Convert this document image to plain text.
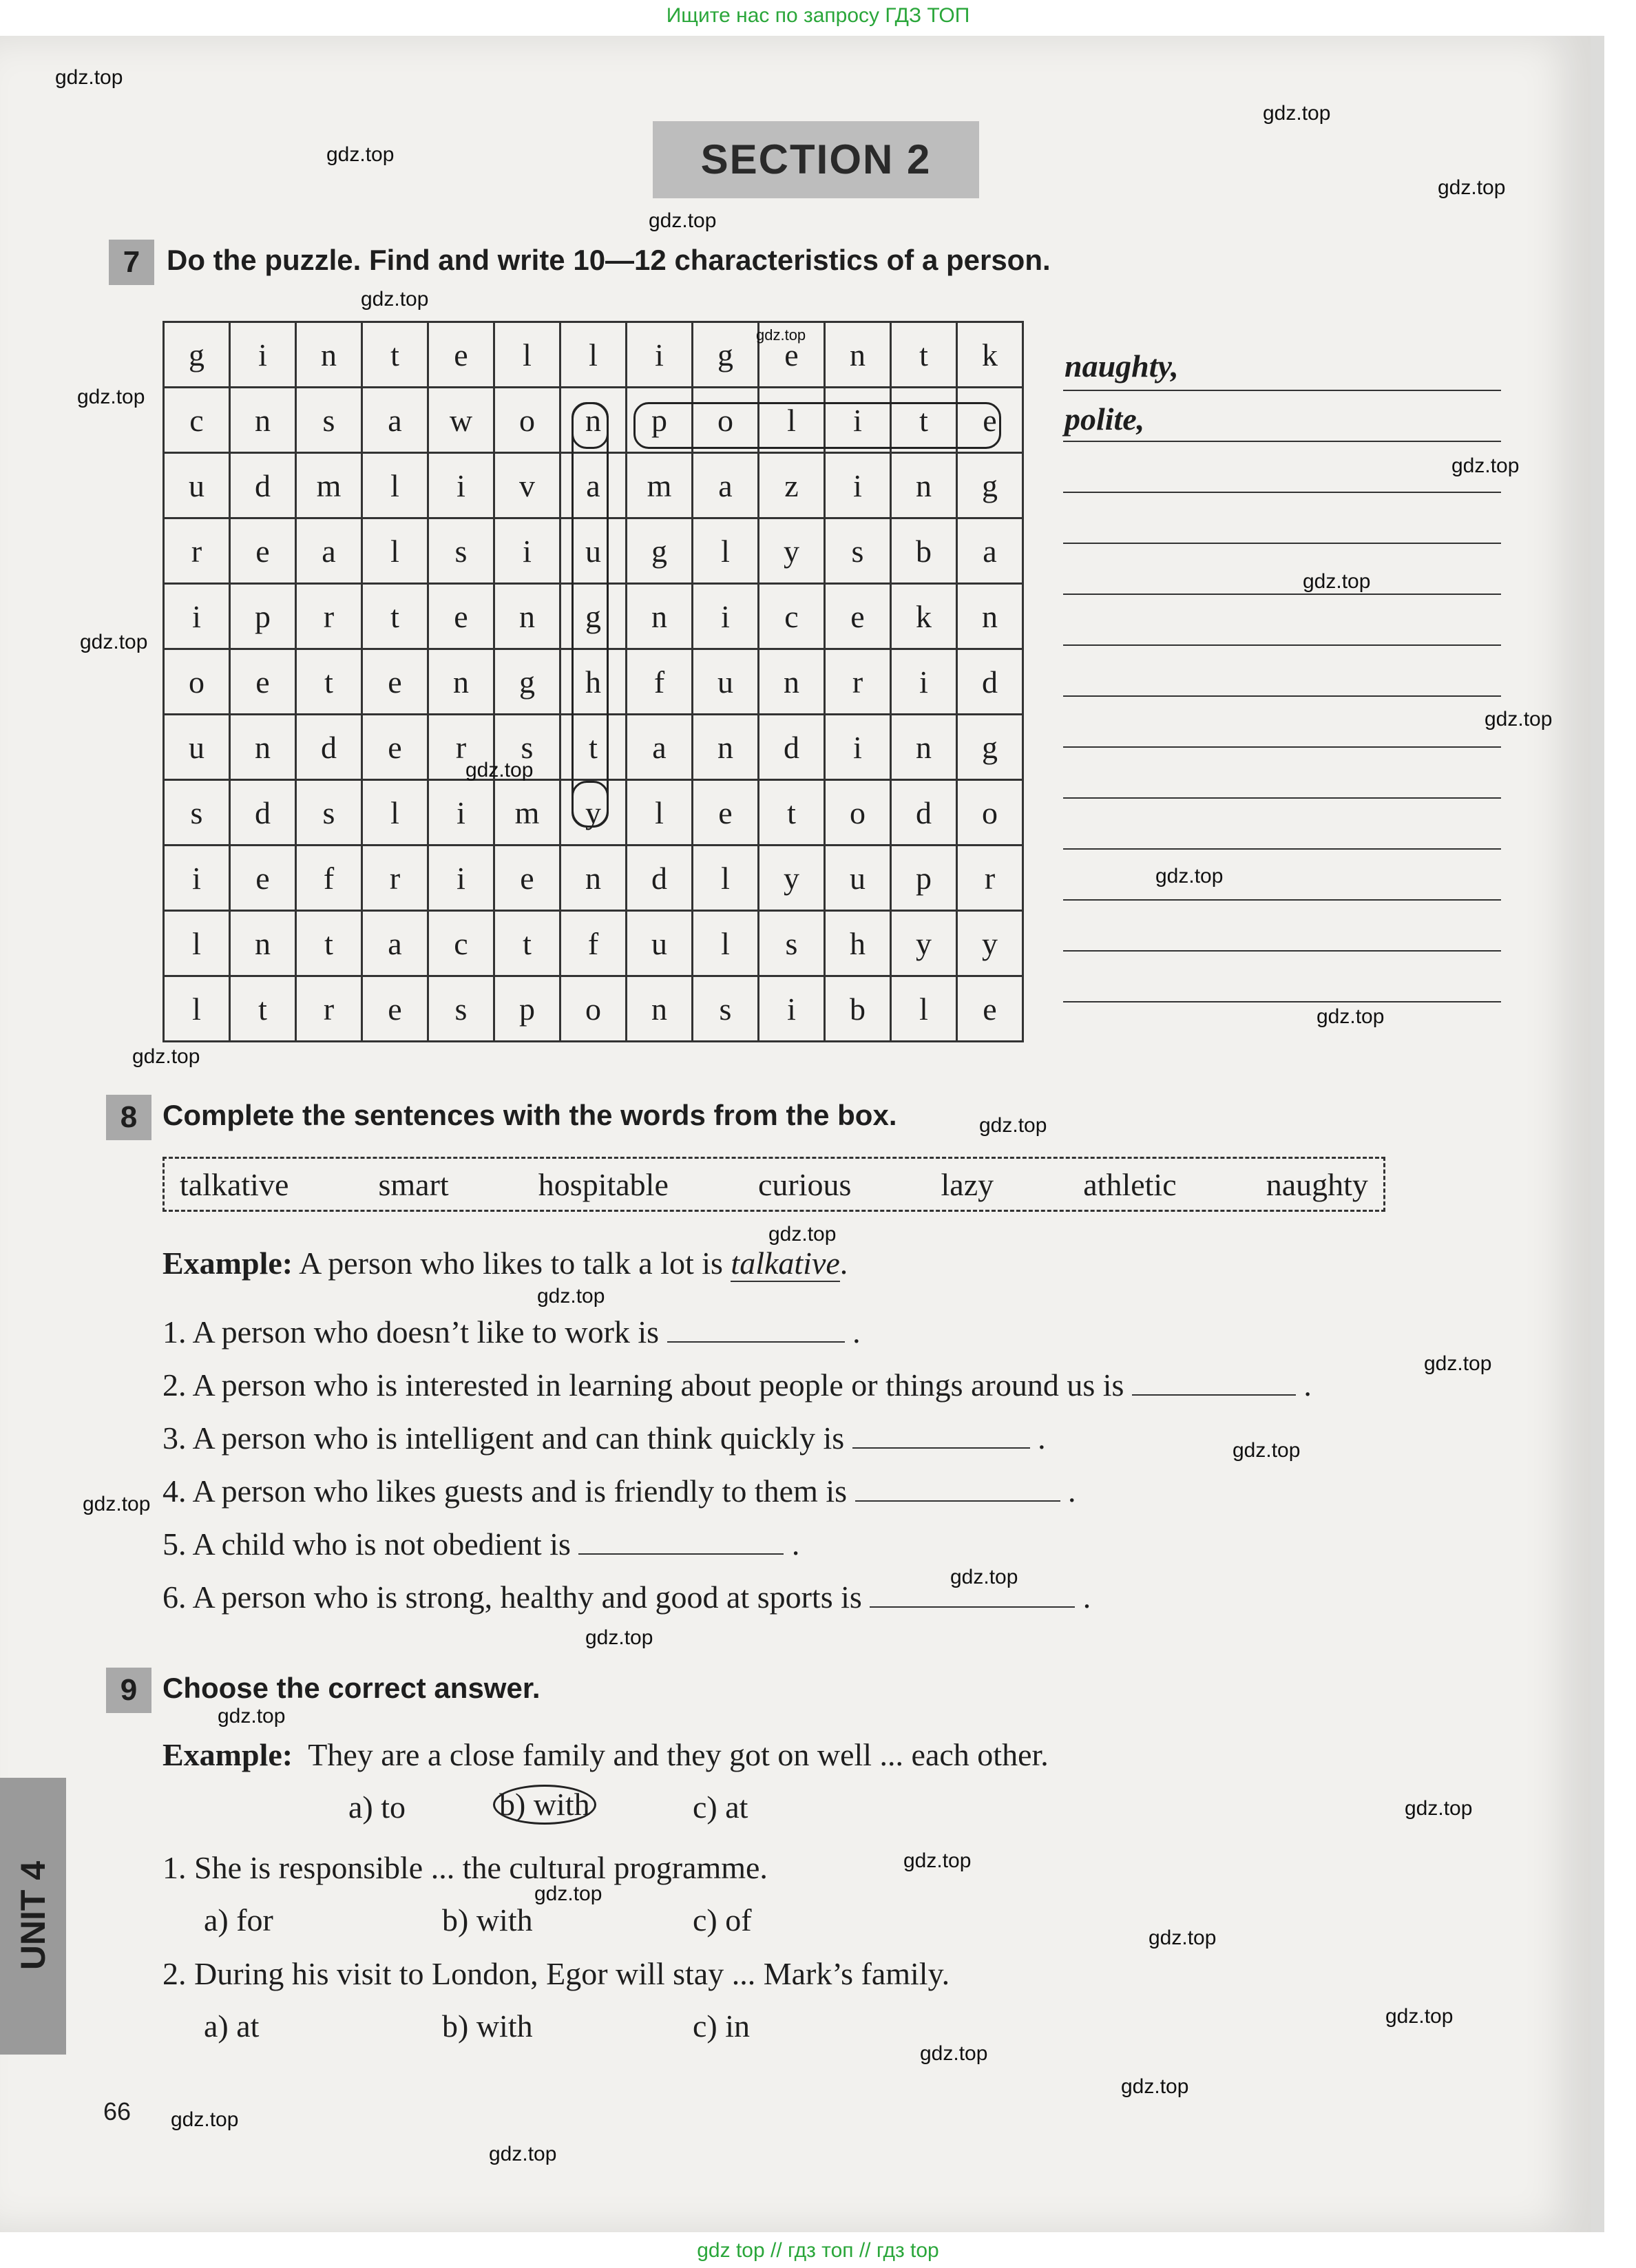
Ищите нас по запросу ГДЗ ТОП
SECTION 2
7 Do the puzzle. Find and write 10—12 characteristics of a person.
g	i	n	t	e	l	l	i	g	e	n	t	k
c	n	s	a	w	o	n	p	o	l	i	t	e
u	d	m	l	i	v	a	m	a	z	i	n	g
r	e	a	l	s	i	u	g	l	y	s	b	a
i	p	r	t	e	n	g	n	i	c	e	k	n
o	e	t	e	n	g	h	f	u	n	r	i	d
u	n	d	e	r	s	t	a	n	d	i	n	g
s	d	s	l	i	m	y	l	e	t	o	d	o
i	e	f	r	i	e	n	d	l	y	u	p	r
l	n	t	a	c	t	f	u	l	s	h	y	y
l	t	r	e	s	p	o	n	s	i	b	l	e
naughty,
polite,
8 Complete the sentences with the words from the box.
talkative	smart	hospitable	curious	lazy	athletic	naughty
Example: A person who likes to talk a lot is talkative.
1. A person who doesn’t like to work is	.
2. A person who is interested in learning about people or things around us is	.
3. A person who is intelligent and can think quickly is	.
4. A person who likes guests and is friendly to them is	.
5. A child who is not obedient is	.
6. A person who is strong, healthy and good at sports is	.
9 Choose the correct answer.
Example: They are a close family and they got on well ... each other.
a) to	b) with	c) at
1. She is responsible ... the cultural programme.
a) for	b) with	c) of
2. During his visit to London, Egor will stay ... Mark’s family.
a) at	b) with	c) in
UNIT 4
66
gdz.top
gdz.top
gdz.top
gdz.top
gdz.top
gdz.top
gdz.top
gdz.top
gdz.top
gdz.top
gdz.top
gdz.top
gdz.top
gdz.top
gdz.top
gdz.top
gdz.top
gdz.top
gdz.top
gdz.top
gdz.top
gdz.top
gdz.top
gdz.top
gdz.top
gdz.top
gdz.top
gdz.top
gdz.top
gdz.top
gdz.top
gdz.top
gdz.top
gdz.top
gdz top // гдз топ // гдз top
